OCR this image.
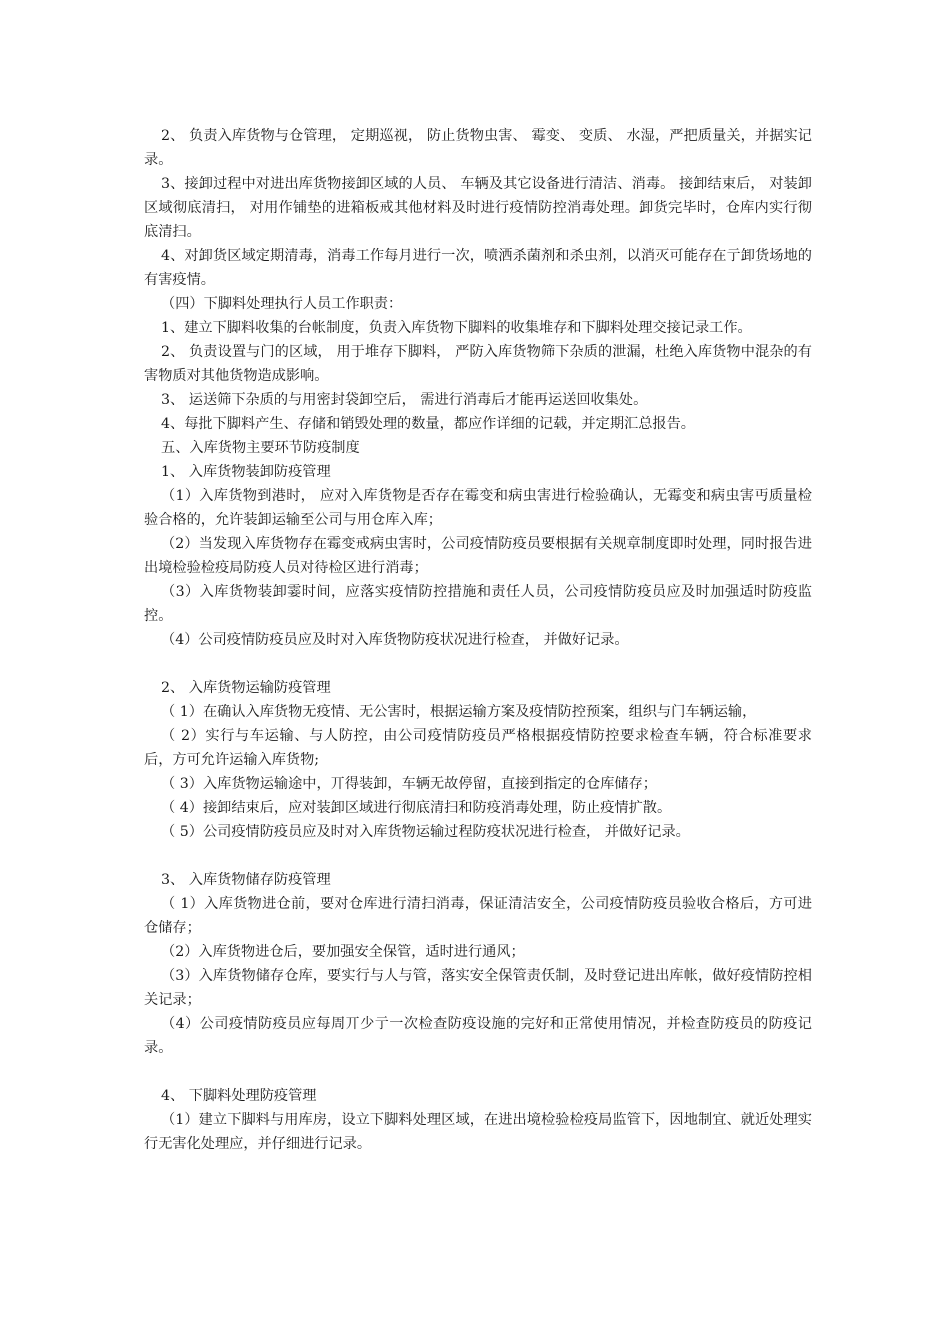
2、 负责入库货物与仓管理， 定期巡视， 防止货物虫害、 霉变、 变质、 水湿，严把质量关，并据实记录。

3、接卸过程中对进出库货物接卸区域的人员、 车辆及其它设备进行清洁、消毒。 接卸结束后， 对装卸区域彻底清扫， 对用作铺垫的进箱板戒其他材料及时进行疫情防控消毒处理。卸货完毕时，仓库内实行彻底清扫。

4、对卸货区域定期清毒，消毒工作每月进行一次，喷洒杀菌剂和杀虫剂，以消灭可能存在亍卸货场地的有害疫情。

（四）下脚料处理执行人员工作职责：

1、建立下脚料收集的台帐制度，负责入库货物下脚料的收集堆存和下脚料处理交接记录工作。

2、 负责设置与门的区域， 用于堆存下脚料， 严防入库货物筛下杂质的泄漏，杜绝入库货物中混杂的有害物质对其他货物造成影响。

3、 运送筛下杂质的与用密封袋卸空后， 需进行消毒后才能再运送回收集处。

4、每批下脚料产生、存储和销毁处理的数量，都应作详细的记载，并定期汇总报告。

五、入库货物主要环节防疫制度

1、 入库货物装卸防疫管理

（1）入库货物到港时， 应对入库货物是否存在霉变和病虫害进行检验确认，无霉变和病虫害丏质量检验合格的，允许装卸运输至公司与用仓库入库；

（2）当发现入库货物存在霉变戒病虫害时，公司疫情防疫员要根据有关规章制度即时处理，同时报告进出境检验检疫局防疫人员对待检区进行消毒；

（3）入库货物装卸霎时间，应落实疫情防控措施和责任人员，公司疫情防疫员应及时加强适时防疫监控。

（4）公司疫情防疫员应及时对入库货物防疫状况进行检查， 并做好记录。

2、 入库货物运输防疫管理

（ 1）在确认入库货物无疫情、无公害时，根据运输方案及疫情防控预案，组织与门车辆运输，

（ 2）实行与车运输、与人防控，由公司疫情防疫员严格根据疫情防控要求检查车辆，符合标准要求后，方可允许运输入库货物;

（ 3）入库货物运输途中，丌得装卸，车辆无故停留，直接到指定的仓库储存；

（ 4）接卸结束后，应对装卸区域进行彻底清扫和防疫消毒处理，防止疫情扩散。

（ 5）公司疫情防疫员应及时对入库货物运输过程防疫状况进行检查， 并做好记录。

3、 入库货物储存防疫管理

（ 1）入库货物进仓前，要对仓库进行清扫消毒，保证清洁安全，公司疫情防疫员验收合格后，方可进仓储存；

（2）入库货物进仓后，要加强安全保管，适时进行通风；

（3）入库货物储存仓库，要实行与人与管，落实安全保管责仸制，及时登记进出库帐，做好疫情防控相关记录；

（4）公司疫情防疫员应每周丌少亍一次检查防疫设施的完好和正常使用情况，并检查防疫员的防疫记录。

4、 下脚料处理防疫管理

（1）建立下脚料与用库房，设立下脚料处理区域，在进出境检验检疫局监管下，因地制宜、就近处理实行无害化处理应，并仔细进行记录。
